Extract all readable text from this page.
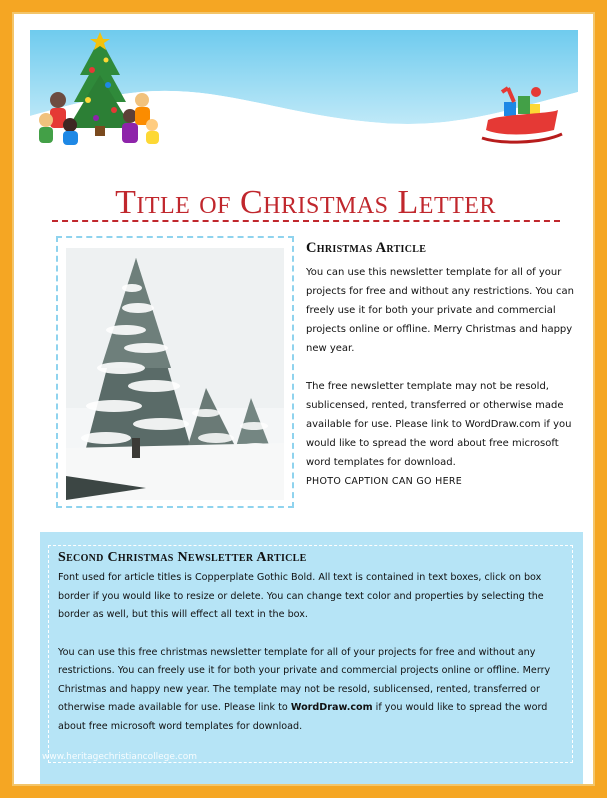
Title of Christmas Letter
Christmas Article

You can use this newsletter template for all of your projects for free and without any restrictions. You can freely use it for both your private and commercial projects online or offline. Merry Christmas and happy new year.

The free newsletter template may not be resold, sublicensed, rented, transferred or otherwise made available for use. Please link to WordDraw.com if you would like to spread the word about free microsoft word templates for download.

PHOTO CAPTION CAN GO HERE
Second Christmas Newsletter Article

Font used for article titles is Copperplate Gothic Bold. All text is contained in text boxes, click on box border if you would like to resize or delete. You can change text color and properties by selecting the border as well, but this will effect all text in the box.

You can use this free christmas newsletter template for all of your projects for free and without any restrictions. You can freely use it for both your private and commercial projects online or offline. Merry Christmas and happy new year. The template may not be resold, sublicensed, rented, transferred or otherwise made available for use. Please link to WordDraw.com if you would like to spread the word about free microsoft word templates for download.

www.heritagechristiancollege.com
